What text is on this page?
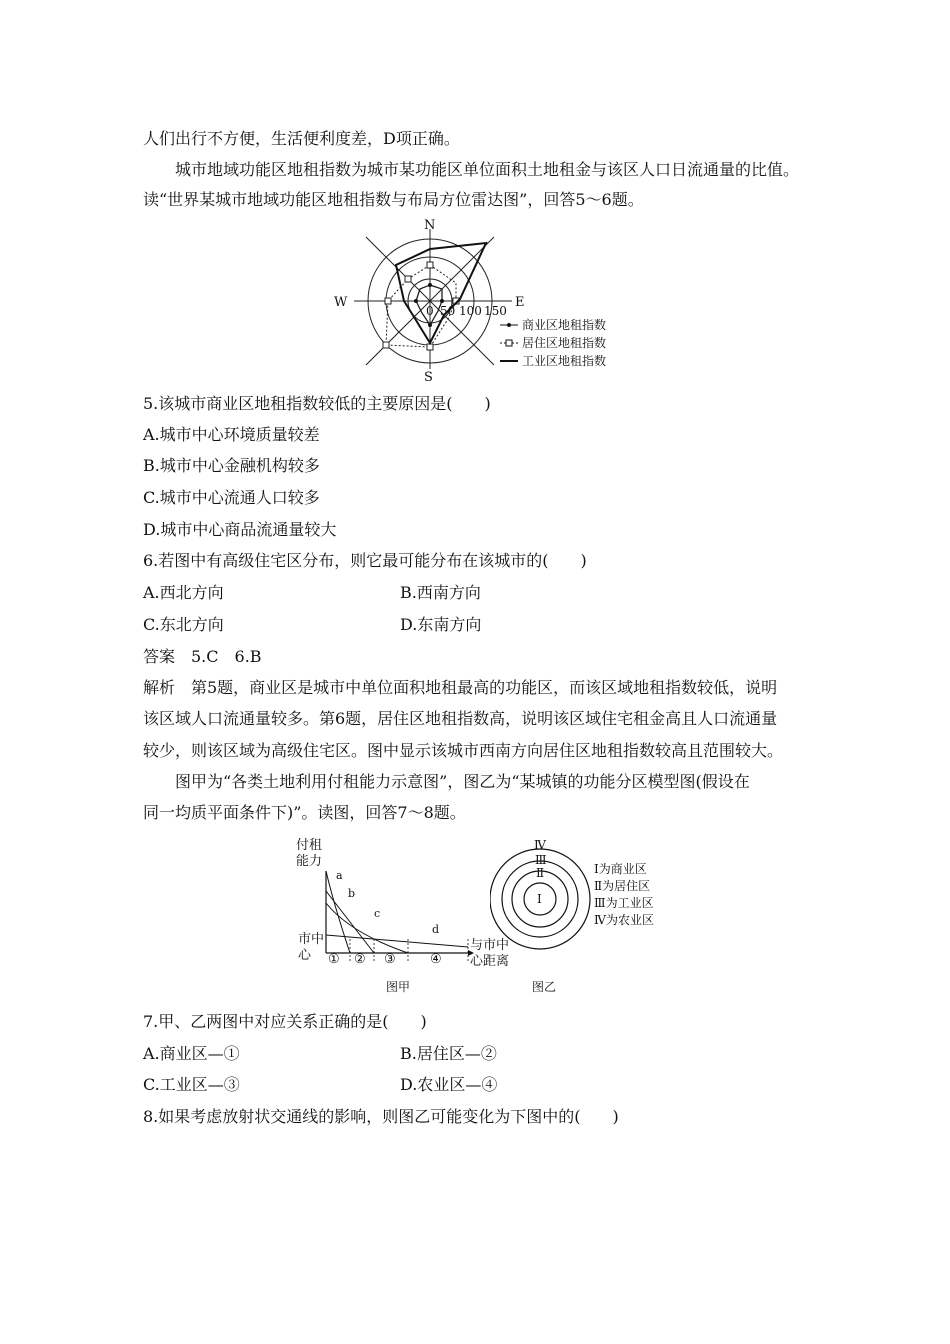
人们出行不方便，生活便利度差，D项正确。
城市地域功能区地租指数为城市某功能区单位面积土地租金与该区人口日流通量的比值。
读“世界某城市地域功能区地租指数与布局方位雷达图”，回答5～6题。
N
S
E
W
0 50 100 150
商业区地租指数
居住区地租指数
工业区地租指数
5.该城市商业区地租指数较低的主要原因是(　　)
A.城市中心环境质量较差
B.城市中心金融机构较多
C.城市中心流通人口较多
D.城市中心商品流通量较大
6.若图中有高级住宅区分布，则它最可能分布在该城市的(　　)
A.西北方向	B.西南方向
C.东北方向	D.东南方向
答案　5.C　6.B
解析　第5题，商业区是城市中单位面积地租最高的功能区，而该区域地租指数较低，说明
该区域人口流通量较多。第6题，居住区地租指数高，说明该区域住宅租金高且人口流通量
较少，则该区域为高级住宅区。图中显示该城市西南方向居住区地租指数较高且范围较大。
图甲为“各类土地利用付租能力示意图”，图乙为“某城镇的功能分区模型图(假设在
同一均质平面条件下)”。读图，回答7～8题。
付租
能力
a
b
c
d
① ② ③	④
市中
心
与市中
心距离
图甲
Ⅳ
Ⅲ
Ⅱ
Ⅰ
Ⅰ为商业区
Ⅱ为居住区
Ⅲ为工业区
Ⅳ为农业区
图乙
7.甲、乙两图中对应关系正确的是(　　)
A.商业区—①	B.居住区—②
C.工业区—③	D.农业区—④
8.如果考虑放射状交通线的影响，则图乙可能变化为下图中的(　　)
